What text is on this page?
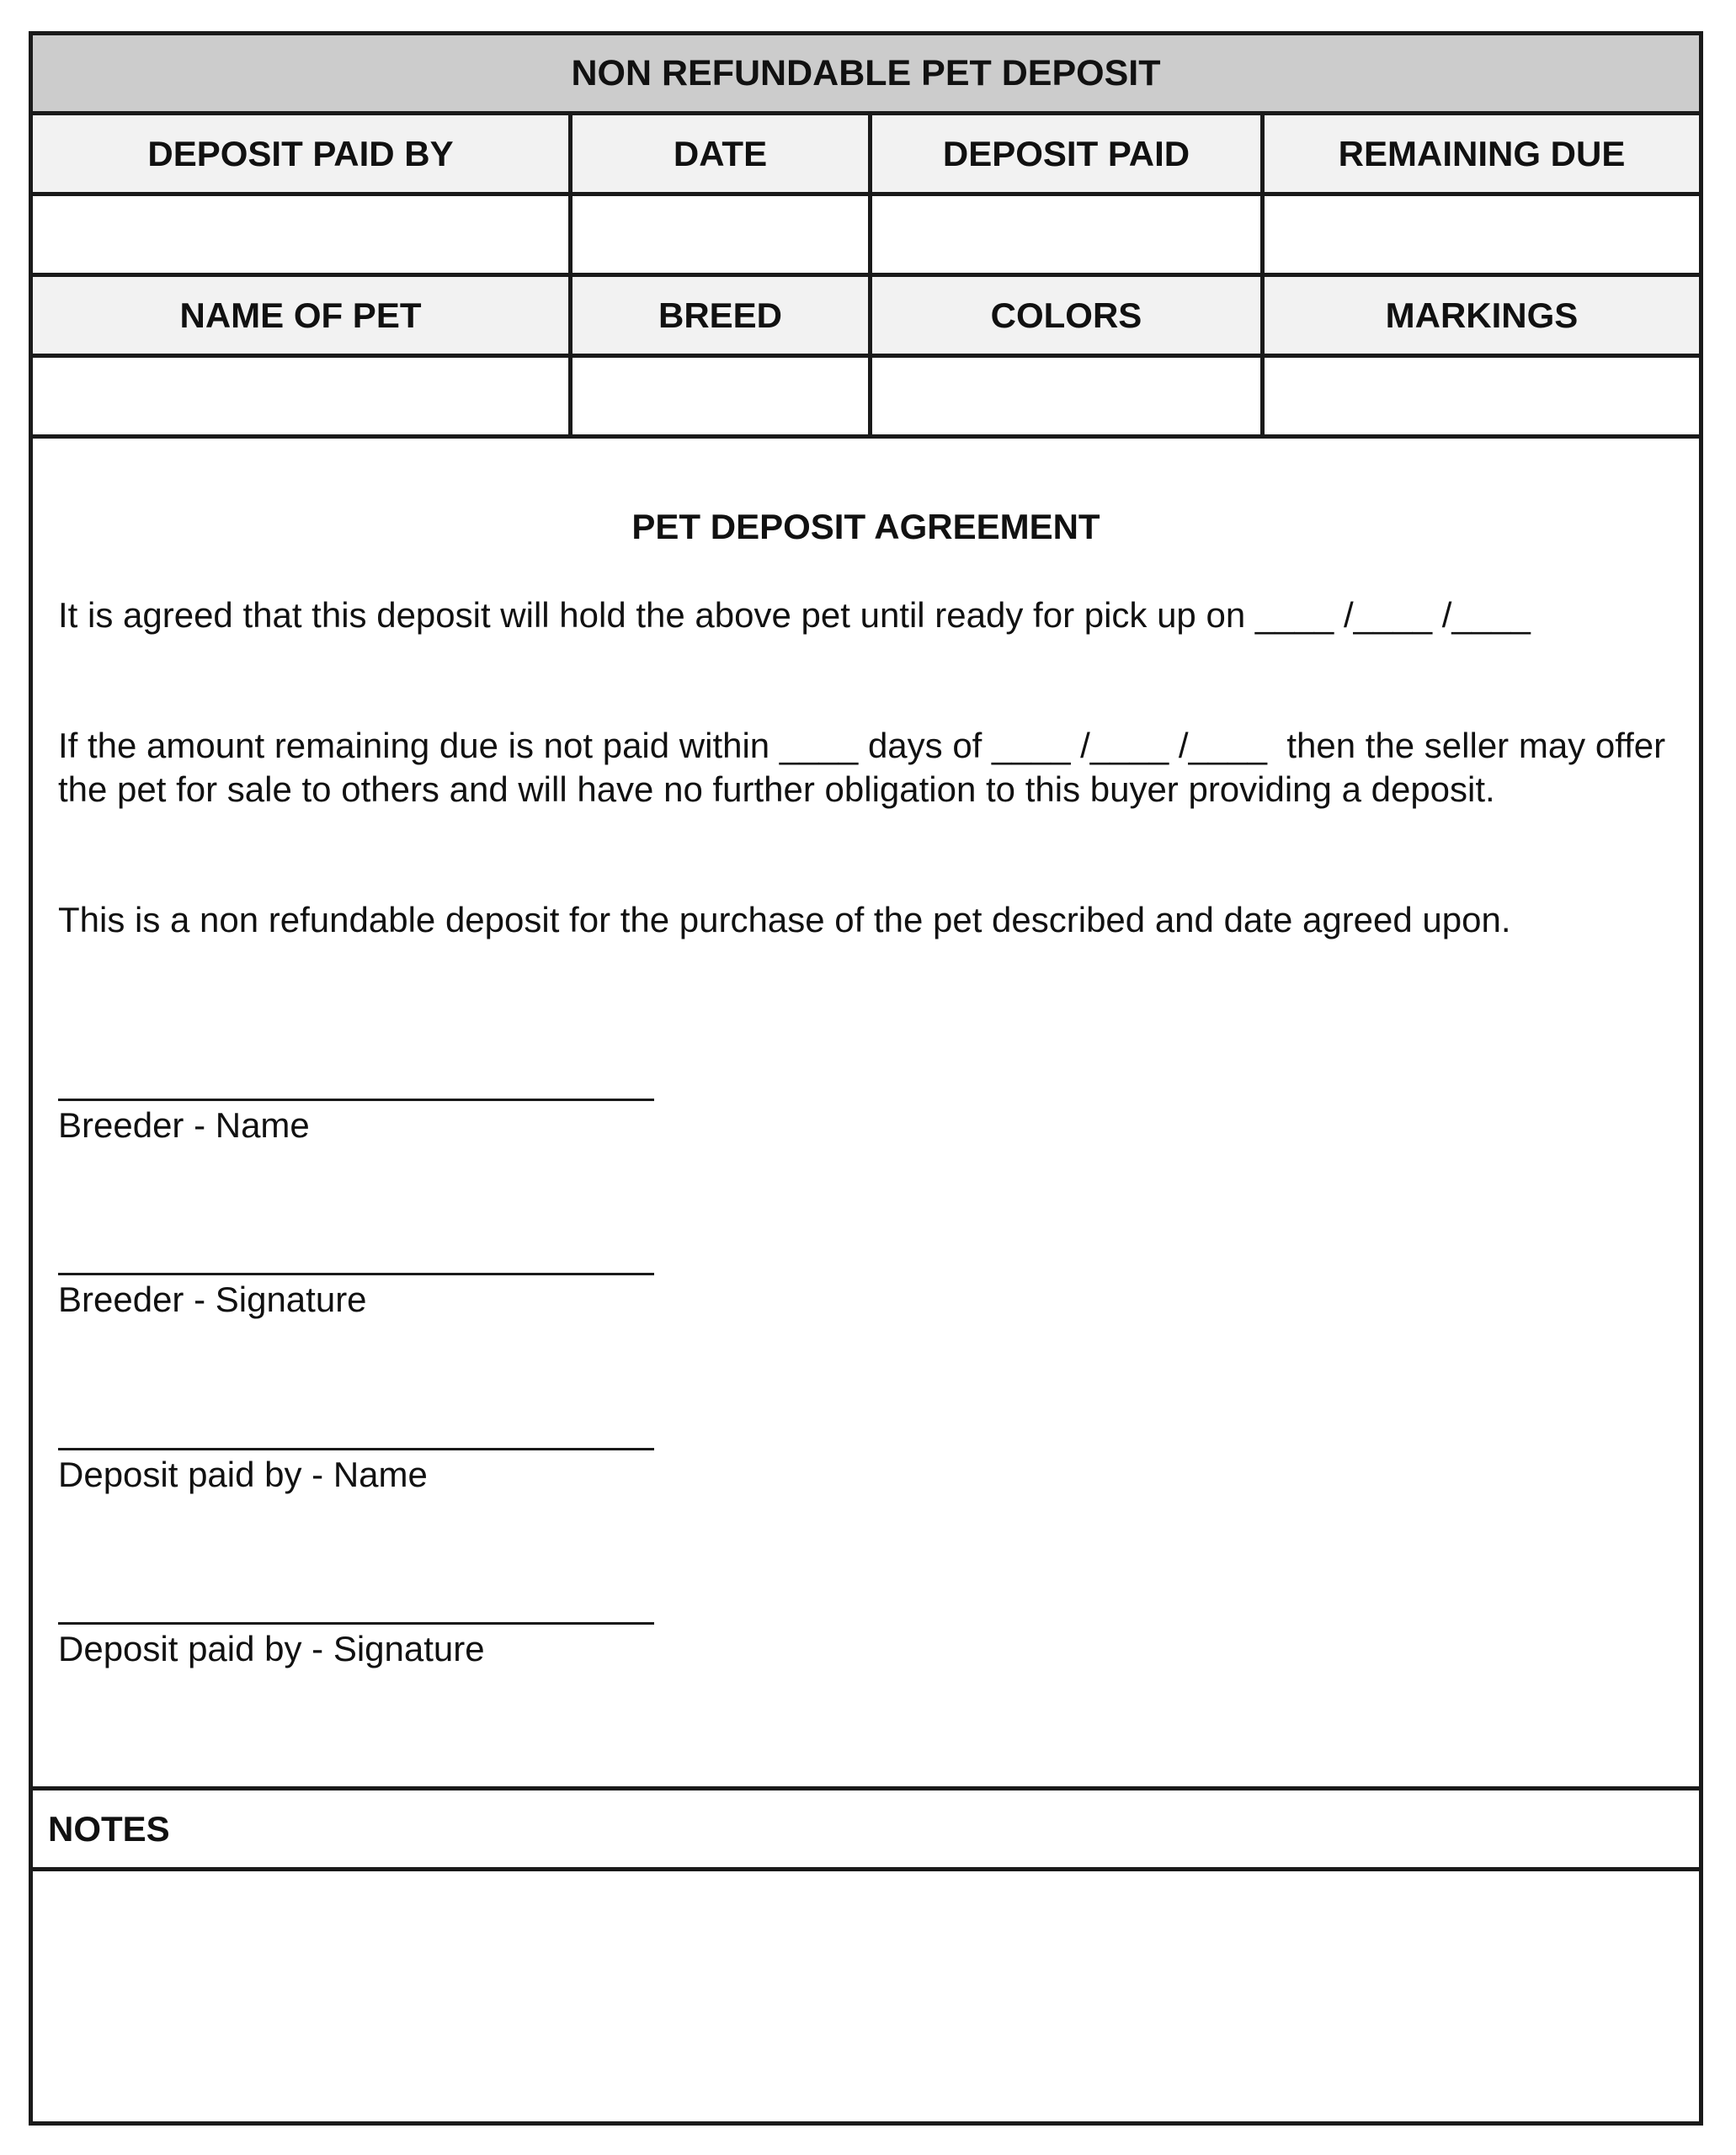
NON REFUNDABLE PET DEPOSIT
DEPOSIT PAID BY	DATE	DEPOSIT PAID	REMAINING DUE
NAME OF PET	BREED	COLORS	MARKINGS
PET DEPOSIT AGREEMENT
It is agreed that this deposit will hold the above pet until ready for pick up on ____ /____ /____
If the amount remaining due is not paid within ____ days of ____ /____ /____  then the seller may offer the pet for sale to others and will have no further obligation to this buyer providing a deposit.
This is a non refundable deposit for the purchase of the pet described and date agreed upon.
Breeder - Name
Breeder - Signature
Deposit paid by - Name
Deposit paid by - Signature
NOTES
